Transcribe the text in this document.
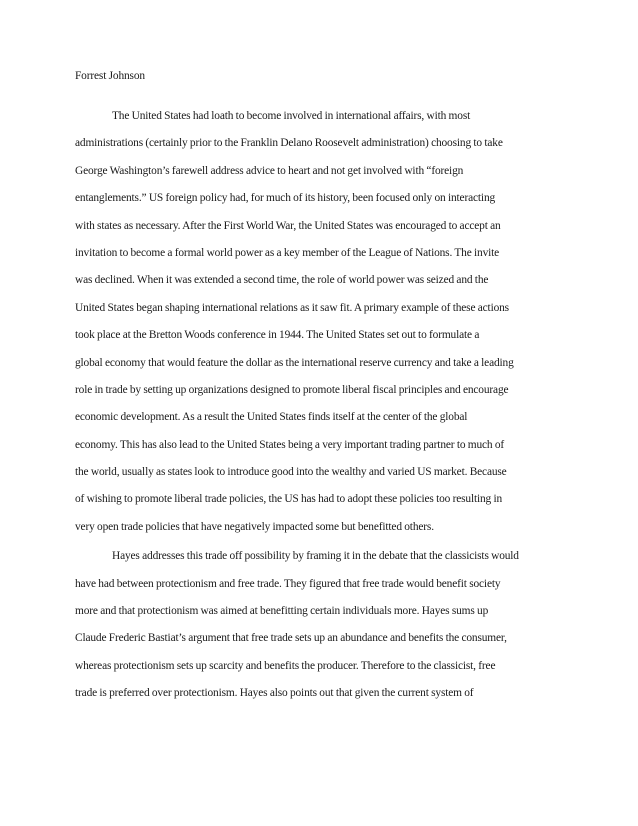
Forrest Johnson

The United States had loath to become involved in international affairs, with most
administrations (certainly prior to the Franklin Delano Roosevelt administration) choosing to take
George Washington’s farewell address advice to heart and not get involved with “foreign
entanglements.” US foreign policy had, for much of its history, been focused only on interacting
with states as necessary. After the First World War, the United States was encouraged to accept an
invitation to become a formal world power as a key member of the League of Nations. The invite
was declined. When it was extended a second time, the role of world power was seized and the
United States began shaping international relations as it saw fit. A primary example of these actions
took place at the Bretton Woods conference in 1944. The United States set out to formulate a
global economy that would feature the dollar as the international reserve currency and take a leading
role in trade by setting up organizations designed to promote liberal fiscal principles and encourage
economic development. As a result the United States finds itself at the center of the global
economy. This has also lead to the United States being a very important trading partner to much of
the world, usually as states look to introduce good into the wealthy and varied US market. Because
of wishing to promote liberal trade policies, the US has had to adopt these policies too resulting in
very open trade policies that have negatively impacted some but benefitted others.
Hayes addresses this trade off possibility by framing it in the debate that the classicists would
have had between protectionism and free trade. They figured that free trade would benefit society
more and that protectionism was aimed at benefitting certain individuals more. Hayes sums up
Claude Frederic Bastiat’s argument that free trade sets up an abundance and benefits the consumer,
whereas protectionism sets up scarcity and benefits the producer. Therefore to the classicist, free
trade is preferred over protectionism. Hayes also points out that given the current system of
